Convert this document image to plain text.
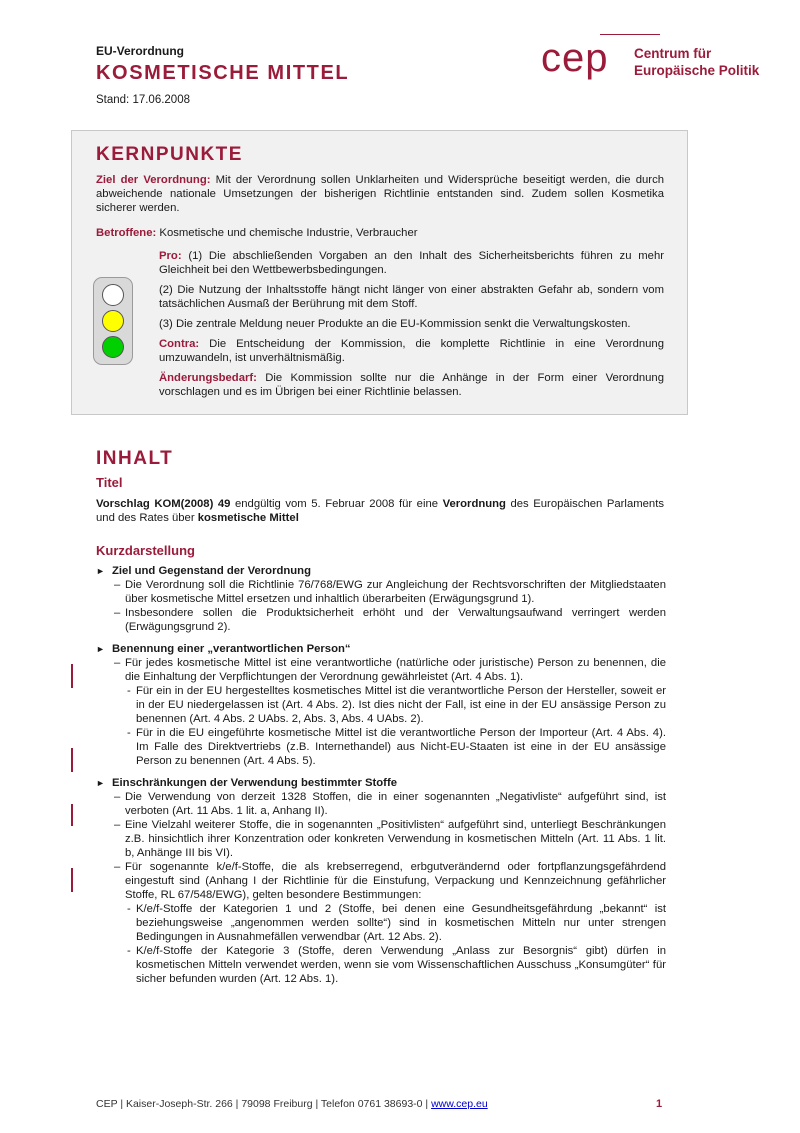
EU-Verordnung
KOSMETISCHE MITTEL
Stand: 17.06.2008
cep Centrum für
Europäische Politik
KERNPUNKTE
Ziel der Verordnung: Mit der Verordnung sollen Unklarheiten und Widersprüche beseitigt werden, die durch abweichende nationale Umsetzungen der bisherigen Richtlinie entstanden sind. Zudem sollen Kosmetika sicherer werden.
Betroffene: Kosmetische und chemische Industrie, Verbraucher

Pro: (1) Die abschließenden Vorgaben an den Inhalt des Sicherheitsberichts führen zu mehr Gleichheit bei den Wettbewerbsbedingungen.

(2) Die Nutzung der Inhaltsstoffe hängt nicht länger von einer abstrakten Gefahr ab, sondern vom tatsächlichen Ausmaß der Berührung mit dem Stoff.

(3) Die zentrale Meldung neuer Produkte an die EU-Kommission senkt die Verwaltungskosten.

Contra: Die Entscheidung der Kommission, die komplette Richtlinie in eine Verordnung umzuwandeln, ist unverhältnismäßig.

Änderungsbedarf: Die Kommission sollte nur die Anhänge in der Form einer Verordnung vorschlagen und es im Übrigen bei einer Richtlinie belassen.

INHALT
Titel
Vorschlag KOM(2008) 49 endgültig vom 5. Februar 2008 für eine Verordnung des Europäischen Parlaments und des Rates über kosmetische Mittel
Kurzdarstellung
► Ziel und Gegenstand der Verordnung
– Die Verordnung soll die Richtlinie 76/768/EWG zur Angleichung der Rechtsvorschriften der Mitgliedstaaten über kosmetische Mittel ersetzen und inhaltlich überarbeiten (Erwägungsgrund 1).
– Insbesondere sollen die Produktsicherheit erhöht und der Verwaltungsaufwand verringert werden (Erwägungsgrund 2).
► Benennung einer „verantwortlichen Person“
– Für jedes kosmetische Mittel ist eine verantwortliche (natürliche oder juristische) Person zu benennen, die die Einhaltung der Verpflichtungen der Verordnung gewährleistet (Art. 4 Abs. 1).
- Für ein in der EU hergestelltes kosmetisches Mittel ist die verantwortliche Person der Hersteller, soweit er in der EU niedergelassen ist (Art. 4 Abs. 2). Ist dies nicht der Fall, ist eine in der EU ansässige Person zu benennen (Art. 4 Abs. 2 UAbs. 2, Abs. 3, Abs. 4 UAbs. 2).
- Für in die EU eingeführte kosmetische Mittel ist die verantwortliche Person der Importeur (Art. 4 Abs. 4). Im Falle des Direktvertriebs (z.B. Internethandel) aus Nicht-EU-Staaten ist eine in der EU ansässige Person zu benennen (Art. 4 Abs. 5).
► Einschränkungen der Verwendung bestimmter Stoffe
– Die Verwendung von derzeit 1328 Stoffen, die in einer sogenannten „Negativliste“ aufgeführt sind, ist verboten (Art. 11 Abs. 1 lit. a, Anhang II).
– Eine Vielzahl weiterer Stoffe, die in sogenannten „Positivlisten“ aufgeführt sind, unterliegt Beschränkungen z.B. hinsichtlich ihrer Konzentration oder konkreten Verwendung in kosmetischen Mitteln (Art. 11 Abs. 1 lit. b, Anhänge III bis VI).
– Für sogenannte k/e/f-Stoffe, die als krebserregend, erbgutverändernd oder fortpflanzungsgefährdend eingestuft sind (Anhang I der Richtlinie für die Einstufung, Verpackung und Kennzeichnung gefährlicher Stoffe, RL 67/548/EWG), gelten besondere Bestimmungen:
- K/e/f-Stoffe der Kategorien 1 und 2 (Stoffe, bei denen eine Gesundheitsgefährdung „bekannt“ ist beziehungsweise „angenommen werden sollte“) sind in kosmetischen Mitteln nur unter strengen Bedingungen in Ausnahmefällen verwendbar (Art. 12 Abs. 2).
- K/e/f-Stoffe der Kategorie 3 (Stoffe, deren Verwendung „Anlass zur Besorgnis“ gibt) dürfen in kosmetischen Mitteln verwendet werden, wenn sie vom Wissenschaftlichen Ausschuss „Konsumgüter“ für sicher befunden wurden (Art. 12 Abs. 1).
CEP | Kaiser-Joseph-Str. 266 | 79098 Freiburg | Telefon 0761 38693-0 | www.cep.eu	1
